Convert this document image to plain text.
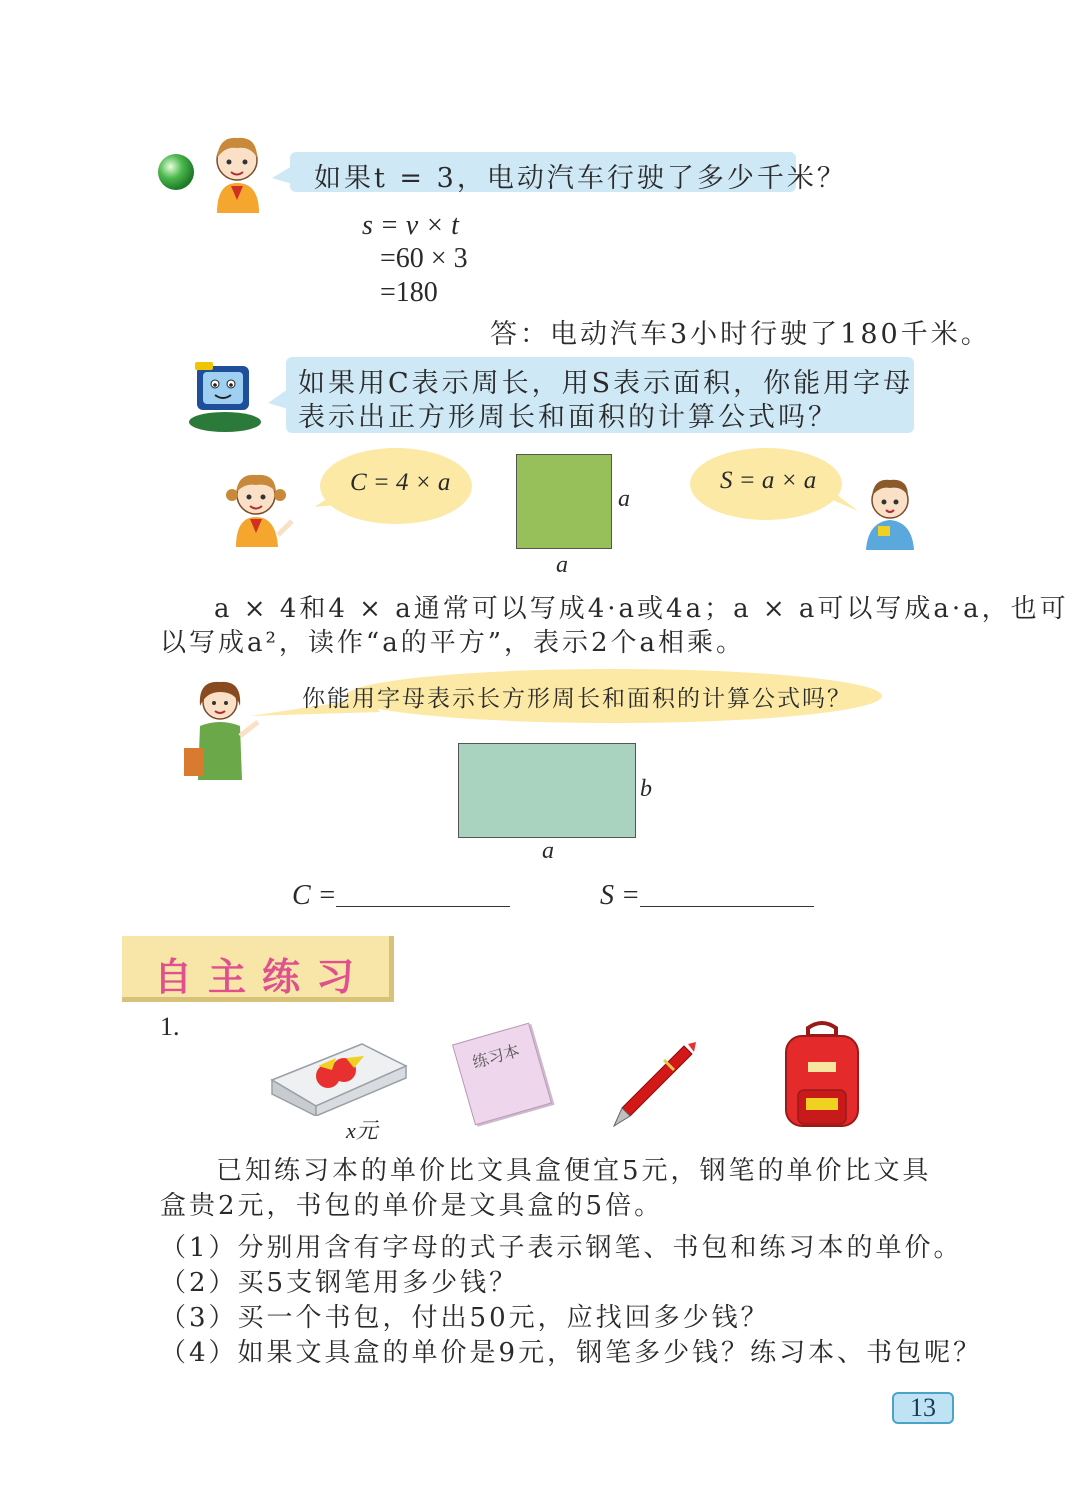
如果t = 3，电动汽车行驶了多少千米？
s = v × t
=60 × 3
=180
答：电动汽车3小时行驶了180千米。
如果用C表示周长，用S表示面积，你能用字母
表示出正方形周长和面积的计算公式吗？
C = 4 × a
a
a
S = a × a
a × 4和4 × a通常可以写成4·a或4a；a × a可以写成a·a，也可
以写成a²，读作“a的平方”，表示2个a相乘。
你能用字母表示长方形周长和面积的计算公式吗？
b
a
C =	S =
自主练习
1.
x元
练习本
已知练习本的单价比文具盒便宜5元，钢笔的单价比文具
盒贵2元，书包的单价是文具盒的5倍。
（1）分别用含有字母的式子表示钢笔、书包和练习本的单价。
（2）买5支钢笔用多少钱？
（3）买一个书包，付出50元，应找回多少钱？
（4）如果文具盒的单价是9元，钢笔多少钱？练习本、书包呢？
13
